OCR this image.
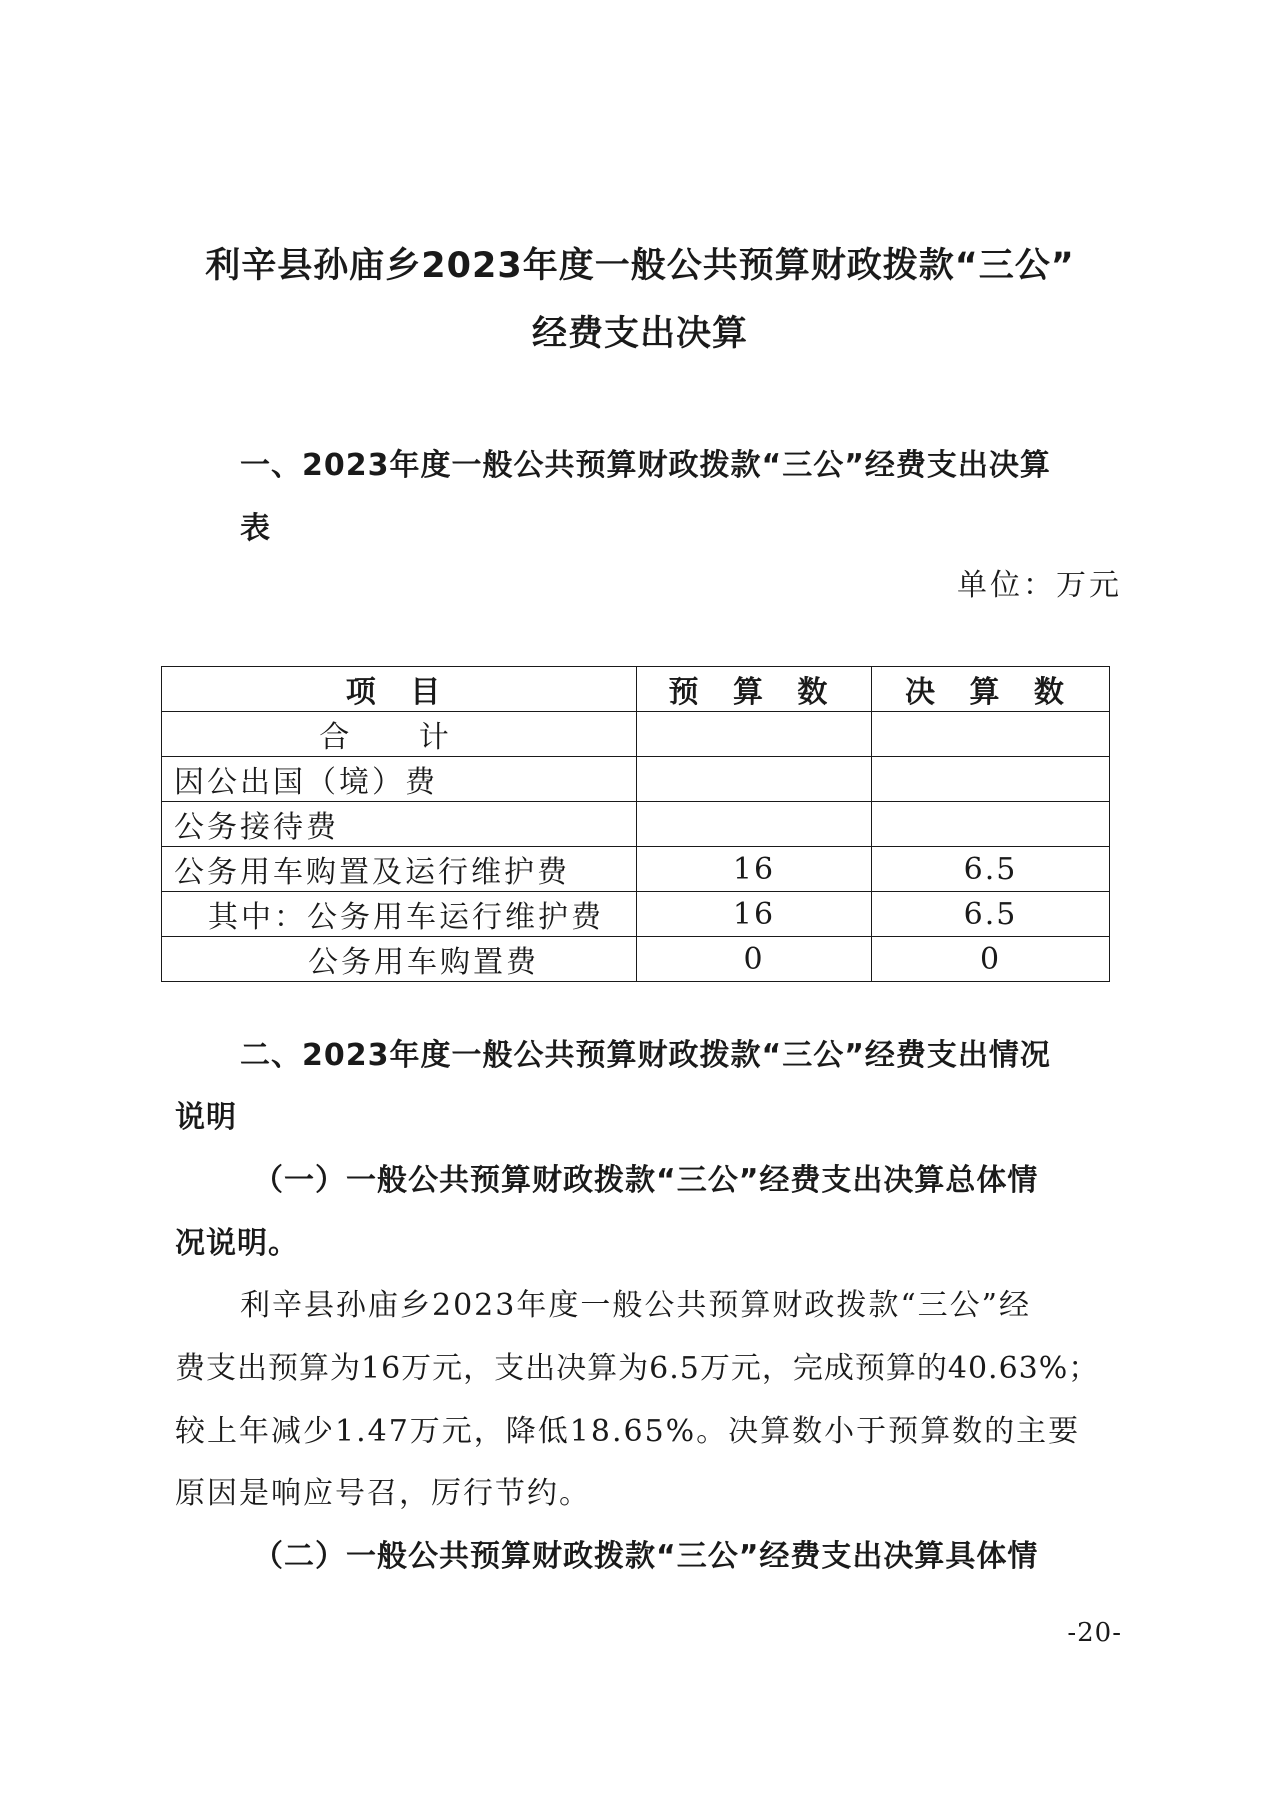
利辛县孙庙乡2023年度一般公共预算财政拨款“三公”
经费支出决算
一、2023年度一般公共预算财政拨款“三公”经费支出决算
表
单位：万元
项 目	预 算 数	决 算 数
合 计		
因公出国（境）费		
公务接待费		
公务用车购置及运行维护费	16	6.5
其中：公务用车运行维护费	16	6.5
公务用车购置费	0	0
二、2023年度一般公共预算财政拨款“三公”经费支出情况
说明
（一）一般公共预算财政拨款“三公”经费支出决算总体情
况说明。
利辛县孙庙乡2023年度一般公共预算财政拨款“三公”经
费支出预算为16万元，支出决算为6.5万元，完成预算的40.63%；
较上年减少1.47万元，降低18.65%。决算数小于预算数的主要
原因是响应号召，厉行节约。
（二）一般公共预算财政拨款“三公”经费支出决算具体情
-20-
